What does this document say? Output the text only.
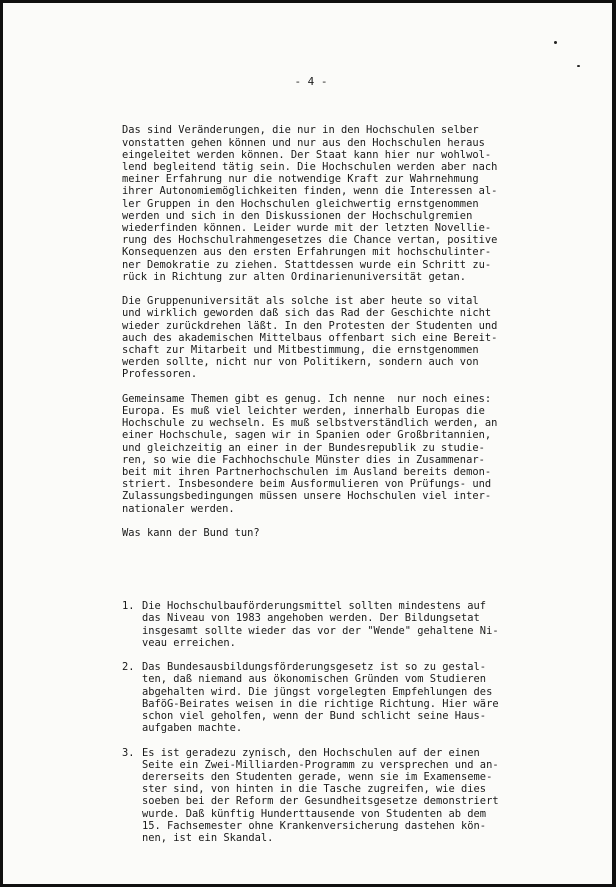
- 4 -

Das sind Veränderungen, die nur in den Hochschulen selber
vonstatten gehen können und nur aus den Hochschulen heraus
eingeleitet werden können. Der Staat kann hier nur wohlwol-
lend begleitend tätig sein. Die Hochschulen werden aber nach
meiner Erfahrung nur die notwendige Kraft zur Wahrnehmung
ihrer Autonomiemöglichkeiten finden, wenn die Interessen al-
ler Gruppen in den Hochschulen gleichwertig ernstgenommen
werden und sich in den Diskussionen der Hochschulgremien
wiederfinden können. Leider wurde mit der letzten Novellie-
rung des Hochschulrahmengesetzes die Chance vertan, positive
Konsequenzen aus den ersten Erfahrungen mit hochschulinter-
ner Demokratie zu ziehen. Stattdessen wurde ein Schritt zu-
rück in Richtung zur alten Ordinarienuniversität getan.
Die Gruppenuniversität als solche ist aber heute so vital
und wirklich geworden daß sich das Rad der Geschichte nicht
wieder zurückdrehen läßt. In den Protesten der Studenten und
auch des akademischen Mittelbaus offenbart sich eine Bereit-
schaft zur Mitarbeit und Mitbestimmung, die ernstgenommen
werden sollte, nicht nur von Politikern, sondern auch von
Professoren.
Gemeinsame Themen gibt es genug. Ich nenne  nur noch eines:
Europa. Es muß viel leichter werden, innerhalb Europas die
Hochschule zu wechseln. Es muß selbstverständlich werden, an
einer Hochschule, sagen wir in Spanien oder Großbritannien,
und gleichzeitig an einer in der Bundesrepublik zu studie-
ren, so wie die Fachhochschule Münster dies in Zusammenar-
beit mit ihren Partnerhochschulen im Ausland bereits demon-
striert. Insbesondere beim Ausformulieren von Prüfungs- und
Zulassungsbedingungen müssen unsere Hochschulen viel inter-
nationaler werden.
Was kann der Bund tun?

1. Die Hochschulbauförderungsmittel sollten mindestens auf
das Niveau von 1983 angehoben werden. Der Bildungsetat
insgesamt sollte wieder das vor der "Wende" gehaltene Ni-
veau erreichen.
2. Das Bundesausbildungsförderungsgesetz ist so zu gestal-
ten, daß niemand aus ökonomischen Gründen vom Studieren
abgehalten wird. Die jüngst vorgelegten Empfehlungen des
BaföG-Beirates weisen in die richtige Richtung. Hier wäre
schon viel geholfen, wenn der Bund schlicht seine Haus-
aufgaben machte.
3. Es ist geradezu zynisch, den Hochschulen auf der einen
Seite ein Zwei-Milliarden-Programm zu versprechen und an-
dererseits den Studenten gerade, wenn sie im Examenseme-
ster sind, von hinten in die Tasche zugreifen, wie dies
soeben bei der Reform der Gesundheitsgesetze demonstriert
wurde. Daß künftig Hunderttausende von Studenten ab dem
15. Fachsemester ohne Krankenversicherung dastehen kön-
nen, ist ein Skandal.
